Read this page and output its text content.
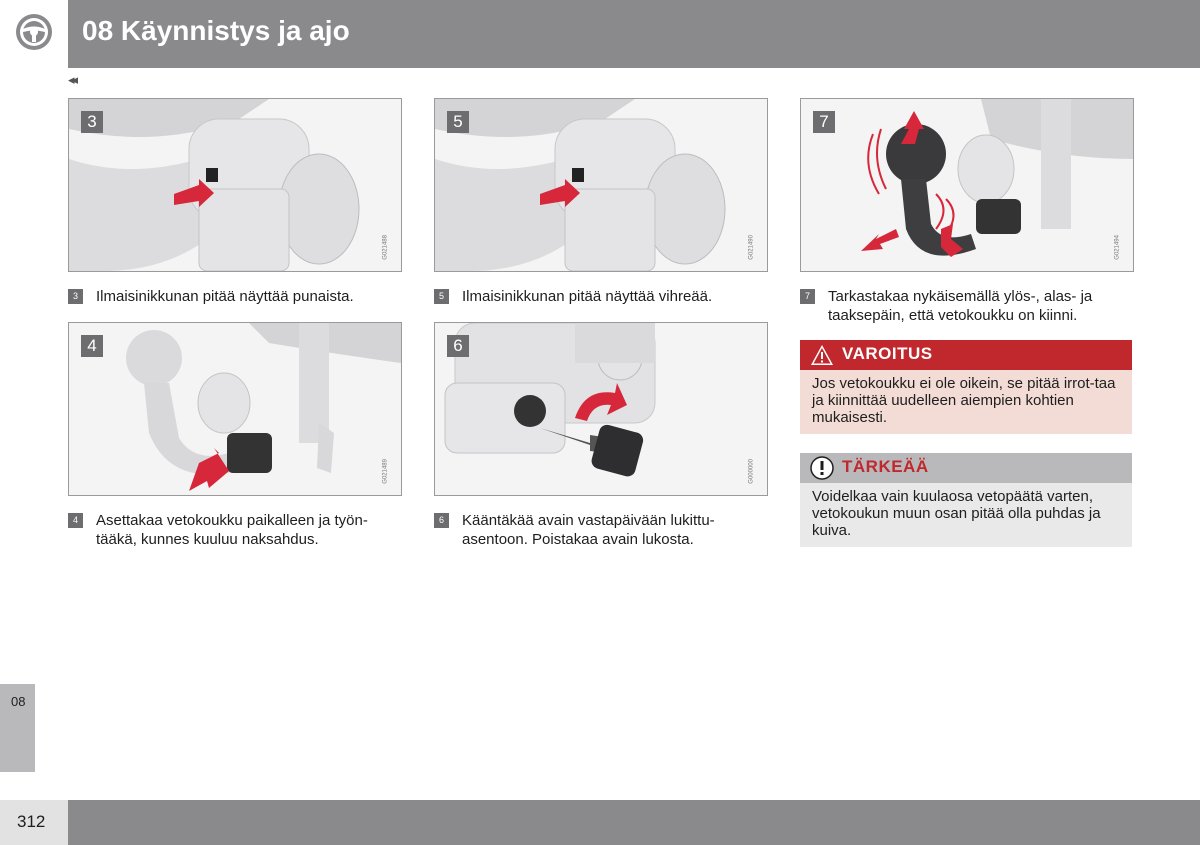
08 Käynnistys ja ajo
◂◂
3
G021488
5
G021490
7
G021494
4
G021489
6
G000000
3	Ilmaisinikkunan pitää näyttää punaista.	5	Ilmaisinikkunan pitää näyttää vihreää.	7	Tarkastakaa nykäisemällä ylös-, alas- ja taaksepäin, että vetokoukku on kiinni.
4	Asettakaa vetokoukku paikalleen ja työn-tääkä, kunnes kuuluu naksahdus.
6	Kääntäkää avain vastapäivään lukittu-asentoon. Poistakaa avain lukosta.
VAROITUS
Jos vetokoukku ei ole oikein, se pitää irrot-taa ja kiinnittää uudelleen aiempien kohtien mukaisesti.
TÄRKEÄÄ
Voidelkaa vain kuulaosa vetopäätä varten, vetokoukun muun osan pitää olla puhdas ja kuiva.
08
312
